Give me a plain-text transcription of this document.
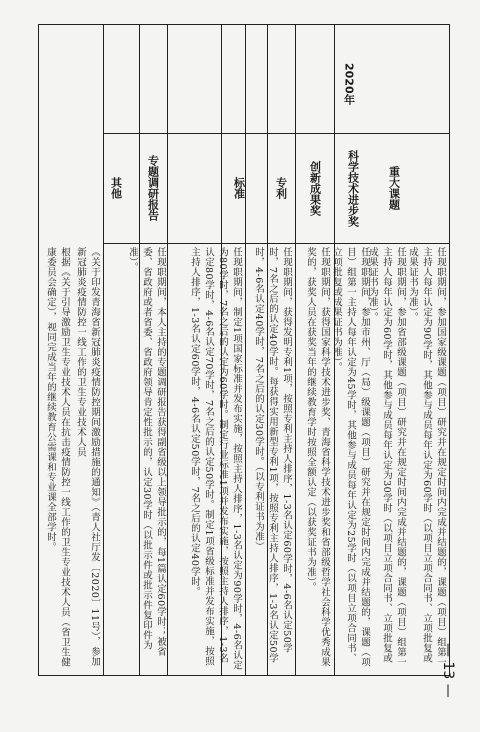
2020年
创新成果奖
其他	重大课题
科学技术进步奖
专利
标准
专题调研报告
任现职期间，参加国家级课题（项目）研究并在规定时间内完成并结题的，课题（项目）组第一主持人每年认定为90学时，其他参与成员每年认定为60学时（以项目立项合同书、立项批复或成果证书为准）。
任现职期间，参加省部级课题（项目）研究并在规定时间内完成并结题的，课题（项目）组第一主持人每年认定为60学时，其他参与成员每年认定为30学时（以项目立项合同书、立项批复或成果证书为准）。
任现职期间，参加市州、厅（局）级课题（项目）研究并在规定时间内完成并结题的，课题（项目）组第一主持人每年认定为45学时，其他参与成员每年认定为25学时（以项目立项合同书、立项批复或成果证书为准）。
任现职期间，获得国家科学技术进步奖、青海省科学技术进步奖和省部级哲学社会科学优秀成果奖的，获奖人员在获奖当年的继续教育学时按照全额认定（以获奖证书为准）。
任现职期间，获得发明专利1项，按照专利主持人排序，1-3名认定60学时，4-6名认定50学时，7名之后的认定40学时。每获得实用新型专利1项，按照专利主持人排序，1-3名认定50学时，4-6名认定40学时，7名之后的认定30学时。（以专利证书为准）
任现职期间，制定1项国家标准并发布实施，按照主持人排序，1-3名认定为90学时，4-6名认定为80学时，7名之后的认定为60学时。制定行业标准1项并发布实施，按照主持人排序，1-3名认定80学时，4-6名认定70学时，7名之后的认定50学时。制定1项省级标准并发布实施，按照主持人排序，1-3名认定60学时，4-6名认定50学时，7名之后的认定40学时。
任现职期间，本人主持的专题调研报告获得副省级以上领导批示的，每1篇认定60学时；被省委、省政府或者省委、省政府领导肯定性批示的，认定30学时（以批示件或批示件复印件为准）。
《关于印发青海省新冠肺炎疫情防控期间激励措施的通知》（青人社厅发〔2020〕11号），参加新冠肺炎疫情防控一线工作的卫生专业技术人员
根据《关于引导激励卫生专业技术人员在抗击疫情防控一线工作的卫生专业技术人员（省卫生健康委员会确定），视同完成当年的继续教育公需课和专业课全部学时。
— 13 —
